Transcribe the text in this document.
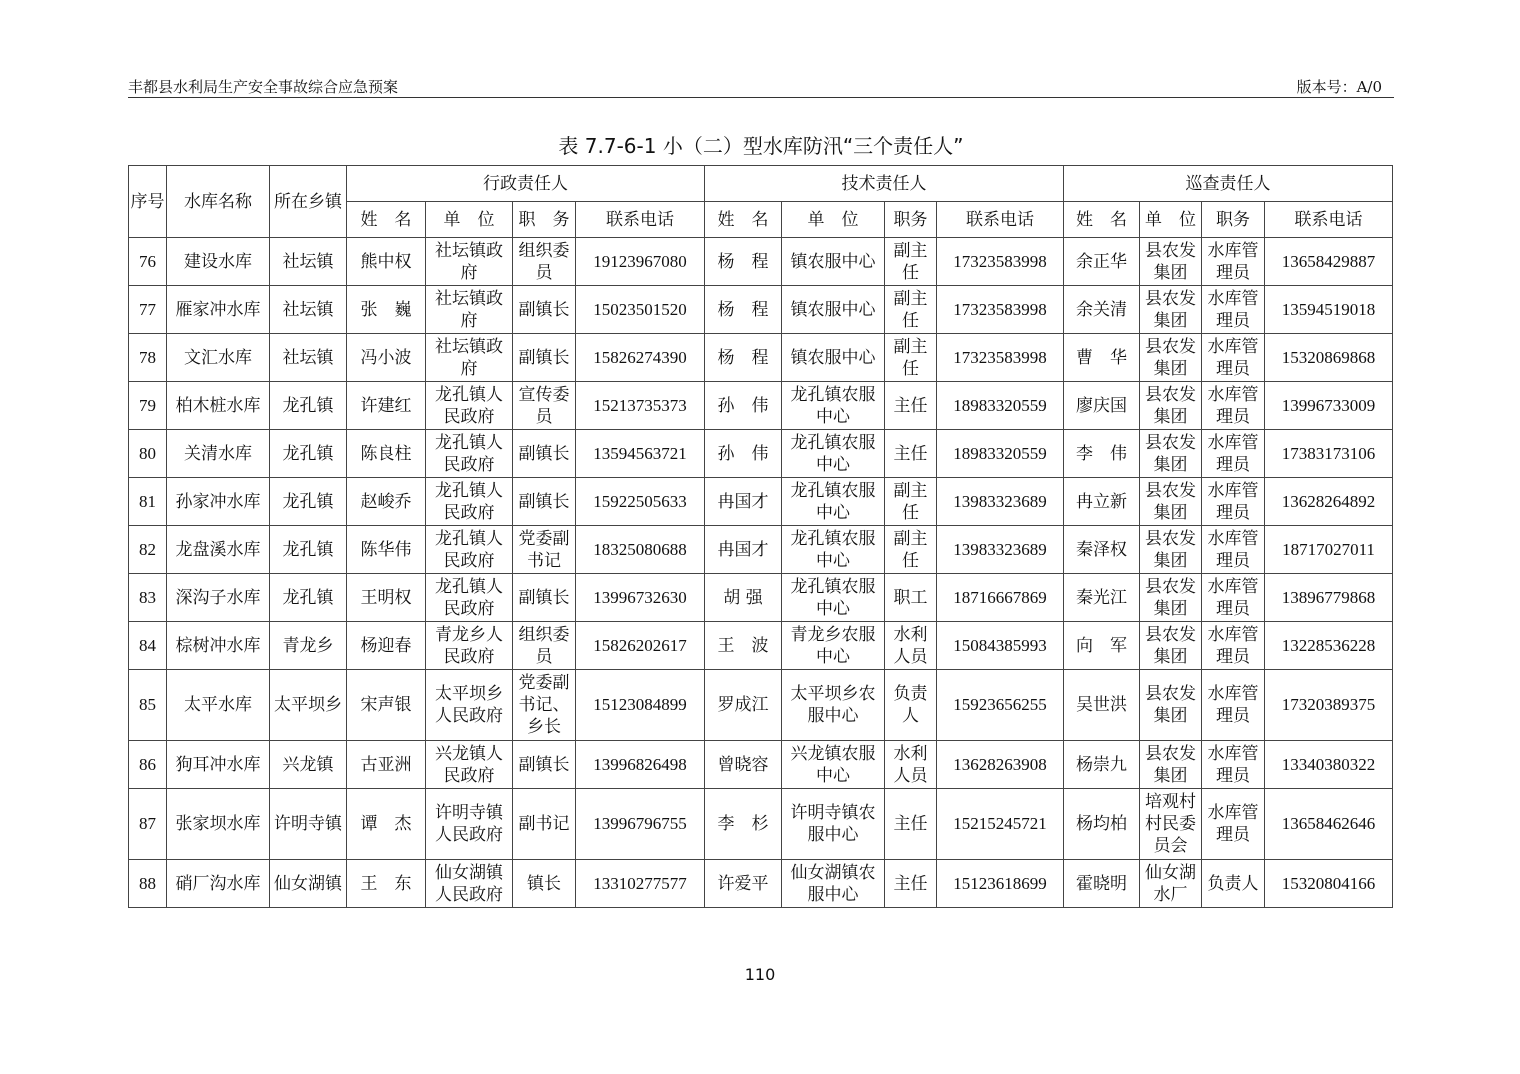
丰都县水利局生产安全事故综合应急预案	版本号：A/0
表 7.7-6-1 小（二）型水库防汛“三个责任人”
序号	水库名称	所在乡镇	行政责任人				技术责任人				巡查责任人			
			姓　名	单　位	职　务	联系电话	姓　名	单　位	职务	联系电话	姓　名	单　位	职务	联系电话
76	建设水库	社坛镇	熊中权	社坛镇政府	组织委员	19123967080	杨　程	镇农服中心	副主任	17323583998	余正华	县农发集团	水库管理员	13658429887
77	雁家冲水库	社坛镇	张　巍	社坛镇政府	副镇长	15023501520	杨　程	镇农服中心	副主任	17323583998	余关清	县农发集团	水库管理员	13594519018
78	文汇水库	社坛镇	冯小波	社坛镇政府	副镇长	15826274390	杨　程	镇农服中心	副主任	17323583998	曹　华	县农发集团	水库管理员	15320869868
79	柏木桩水库	龙孔镇	许建红	龙孔镇人民政府	宣传委员	15213735373	孙　伟	龙孔镇农服中心	主任	18983320559	廖庆国	县农发集团	水库管理员	13996733009
80	关清水库	龙孔镇	陈良柱	龙孔镇人民政府	副镇长	13594563721	孙　伟	龙孔镇农服中心	主任	18983320559	李　伟	县农发集团	水库管理员	17383173106
81	孙家冲水库	龙孔镇	赵峻乔	龙孔镇人民政府	副镇长	15922505633	冉国才	龙孔镇农服中心	副主任	13983323689	冉立新	县农发集团	水库管理员	13628264892
82	龙盘溪水库	龙孔镇	陈华伟	龙孔镇人民政府	党委副书记	18325080688	冉国才	龙孔镇农服中心	副主任	13983323689	秦泽权	县农发集团	水库管理员	18717027011
83	深沟子水库	龙孔镇	王明权	龙孔镇人民政府	副镇长	13996732630	胡 强	龙孔镇农服中心	职工	18716667869	秦光江	县农发集团	水库管理员	13896779868
84	棕树冲水库	青龙乡	杨迎春	青龙乡人民政府	组织委员	15826202617	王　波	青龙乡农服中心	水利人员	15084385993	向　军	县农发集团	水库管理员	13228536228
85	太平水库	太平坝乡	宋声银	太平坝乡人民政府	党委副书记、乡长	15123084899	罗成江	太平坝乡农服中心	负责人	15923656255	吴世洪	县农发集团	水库管理员	17320389375
86	狗耳冲水库	兴龙镇	古亚洲	兴龙镇人民政府	副镇长	13996826498	曾晓容	兴龙镇农服中心	水利人员	13628263908	杨崇九	县农发集团	水库管理员	13340380322
87	张家坝水库	许明寺镇	谭　杰	许明寺镇人民政府	副书记	13996796755	李　杉	许明寺镇农服中心	主任	15215245721	杨均柏	培观村村民委员会	水库管理员	13658462646
88	硝厂沟水库	仙女湖镇	王　东	仙女湖镇人民政府	镇长	13310277577	许爱平	仙女湖镇农服中心	主任	15123618699	霍晓明	仙女湖水厂	负责人	15320804166
110
